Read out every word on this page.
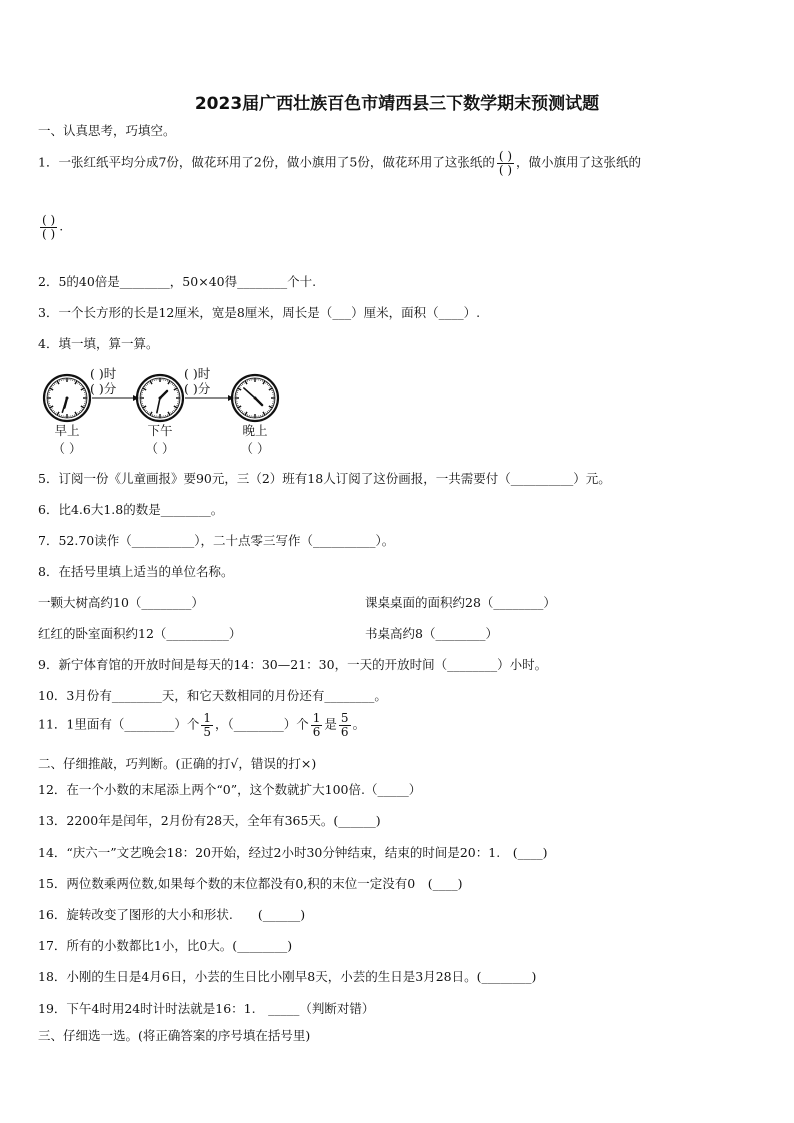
2023届广西壮族百色市靖西县三下数学期末预测试题
一、认真思考，巧填空。
1．一张红纸平均分成7份，做花环用了2份，做小旗用了5份，做花环用了这张纸的 $\frac{( )}{( )}$ ，做小旗用了这张纸的
$\frac{( )}{( )}$ .
2．5的40倍是________，50×40得________个十.
3．一个长方形的长是12厘米，宽是8厘米，周长是（___）厘米，面积（____）.
4．填一填，算一算。
( )时
( )分
( )时
( )分
早上	下午	晚上
（ ）	（ ）	（ ）
5．订阅一份《儿童画报》要90元，三（2）班有18人订阅了这份画报，一共需要付（__________）元。
6．比4.6大1.8的数是________。
7．52.70读作（__________），二十点零三写作（__________）。
8．在括号里填上适当的单位名称。
一颗大树高约10（________）	课桌桌面的面积约28（________）
红红的卧室面积约12（__________）	书桌高约8（________）
9．新宁体育馆的开放时间是每天的14：30—21：30，一天的开放时间（________）小时。
10．3月份有________天，和它天数相同的月份还有________。
11．1里面有（________）个 $\frac{1}{5}$ ，（________）个 $\frac{1}{6}$ 是 $\frac{5}{6}$ 。
二、仔细推敲，巧判断。(正确的打√，错误的打×)
12．在一个小数的末尾添上两个“0”，这个数就扩大100倍.（_____）
13．2200年是闰年，2月份有28天，全年有365天。(______)
14．“庆六一”文艺晚会18：20开始，经过2小时30分钟结束，结束的时间是20：1.　(____)
15．两位数乘两位数,如果每个数的末位都没有0,积的末位一定没有0　(____)
16．旋转改变了图形的大小和形状.　　(______)
17．所有的小数都比1小，比0大。(________)
18．小刚的生日是4月6日，小芸的生日比小刚早8天，小芸的生日是3月28日。(________)
19．下午4时用24时计时法就是16：1.　_____（判断对错）
三、仔细选一选。(将正确答案的序号填在括号里)
